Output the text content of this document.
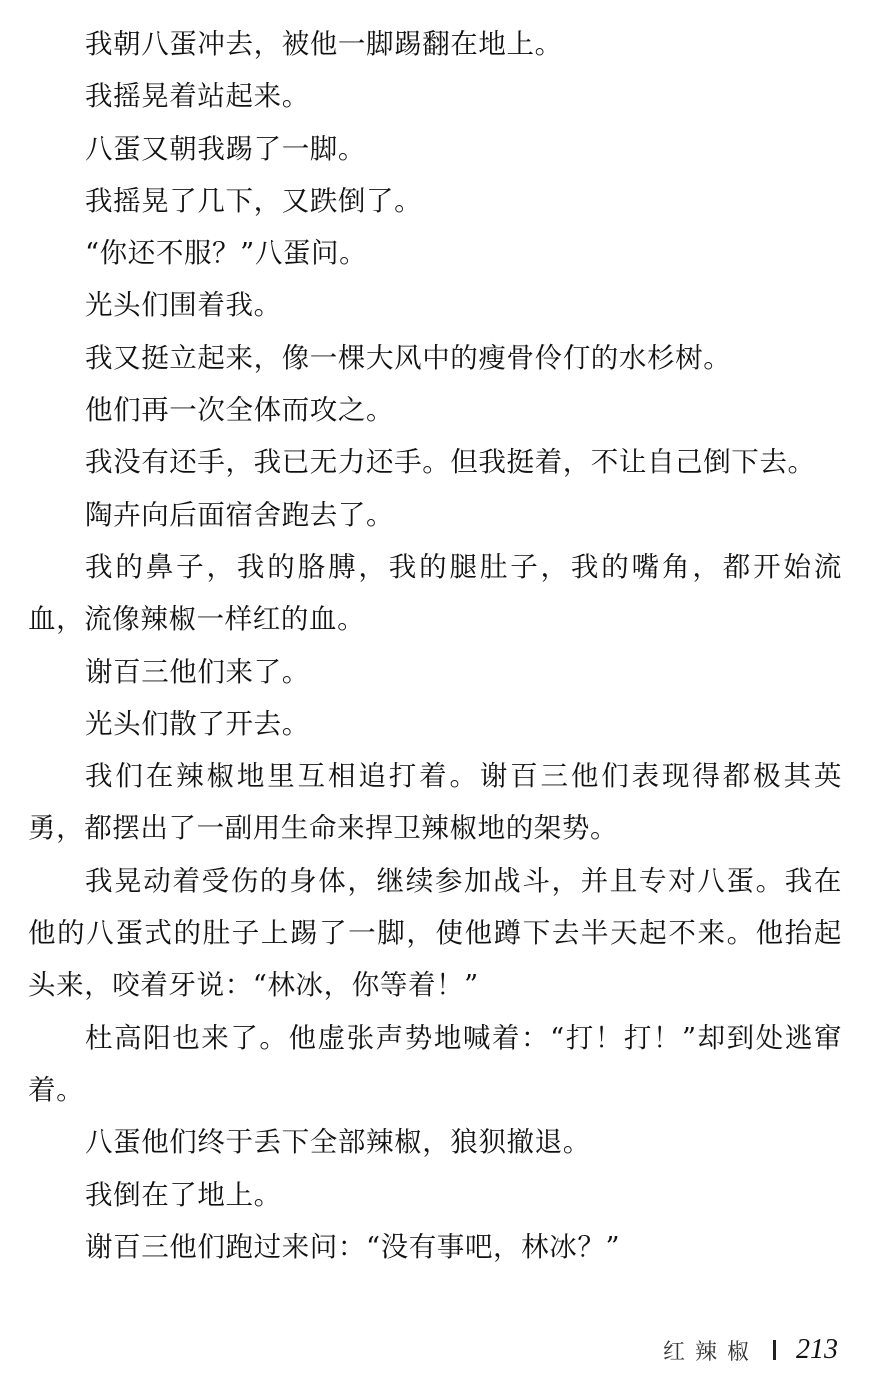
我朝八蛋冲去，被他一脚踢翻在地上。

我摇晃着站起来。

八蛋又朝我踢了一脚。

我摇晃了几下，又跌倒了。

“你还不服？”八蛋问。

光头们围着我。

我又挺立起来，像一棵大风中的瘦骨伶仃的水杉树。

他们再一次全体而攻之。

我没有还手，我已无力还手。但我挺着，不让自己倒下去。

陶卉向后面宿舍跑去了。

我的鼻子，我的胳膊，我的腿肚子，我的嘴角，都开始流血，流像辣椒一样红的血。

谢百三他们来了。

光头们散了开去。

我们在辣椒地里互相追打着。谢百三他们表现得都极其英勇，都摆出了一副用生命来捍卫辣椒地的架势。

我晃动着受伤的身体，继续参加战斗，并且专对八蛋。我在他的八蛋式的肚子上踢了一脚，使他蹲下去半天起不来。他抬起头来，咬着牙说：“林冰，你等着！”

杜高阳也来了。他虚张声势地喊着：“打！打！”却到处逃窜着。

八蛋他们终于丢下全部辣椒，狼狈撤退。

我倒在了地上。

谢百三他们跑过来问：“没有事吧，林冰？”

红辣椒 213
